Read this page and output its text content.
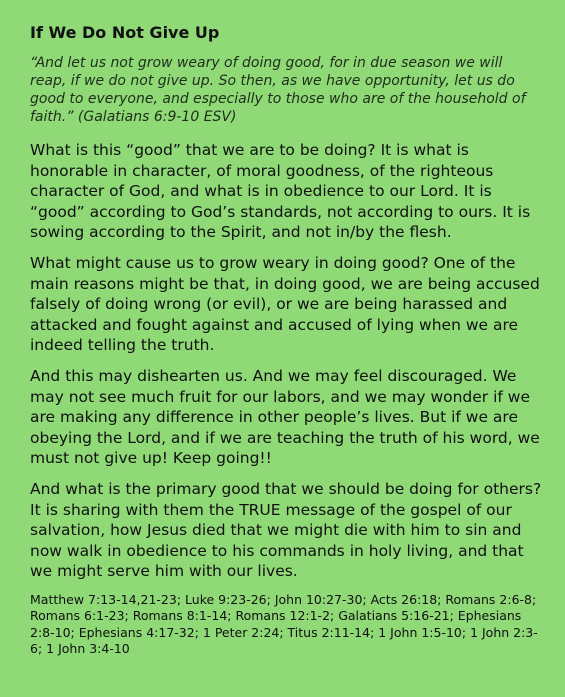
If We Do Not Give Up
“And let us not grow weary of doing good, for in due season we will reap, if we do not give up. So then, as we have opportunity, let us do good to everyone, and especially to those who are of the household of faith.” (Galatians 6:9-10 ESV)
What is this “good” that we are to be doing? It is what is honorable in character, of moral goodness, of the righteous character of God, and what is in obedience to our Lord. It is “good” according to God’s standards, not according to ours. It is sowing according to the Spirit, and not in/by the flesh.
What might cause us to grow weary in doing good? One of the main reasons might be that, in doing good, we are being accused falsely of doing wrong (or evil), or we are being harassed and attacked and fought against and accused of lying when we are indeed telling the truth.
And this may dishearten us. And we may feel discouraged. We may not see much fruit for our labors, and we may wonder if we are making any difference in other people’s lives. But if we are obeying the Lord, and if we are teaching the truth of his word, we must not give up! Keep going!!
And what is the primary good that we should be doing for others? It is sharing with them the TRUE message of the gospel of our salvation, how Jesus died that we might die with him to sin and now walk in obedience to his commands in holy living, and that we might serve him with our lives.
Matthew 7:13-14,21-23; Luke 9:23-26; John 10:27-30; Acts 26:18; Romans 2:6-8; Romans 6:1-23; Romans 8:1-14; Romans 12:1-2; Galatians 5:16-21; Ephesians 2:8-10; Ephesians 4:17-32; 1 Peter 2:24; Titus 2:11-14; 1 John 1:5-10; 1 John 2:3-6; 1 John 3:4-10
